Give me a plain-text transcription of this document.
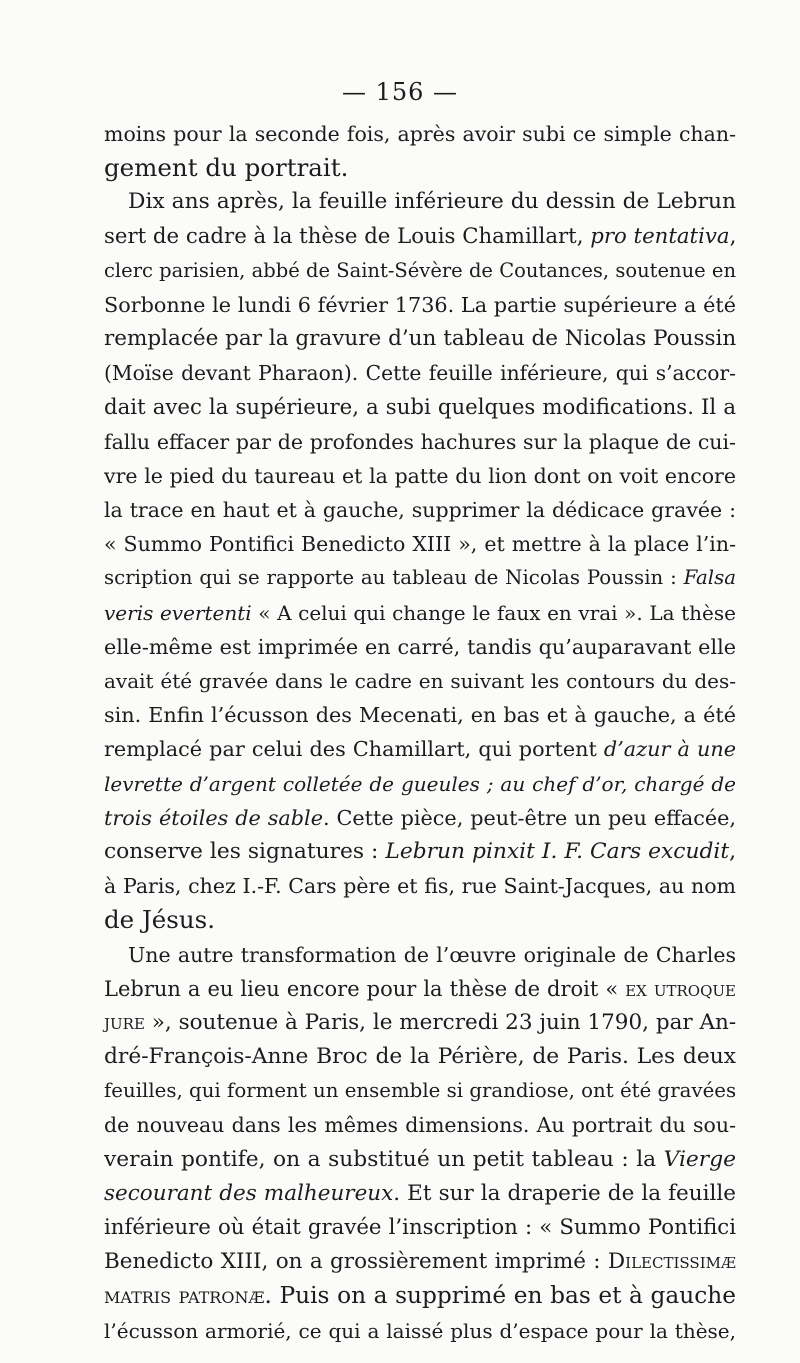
— 156 —
moins pour la seconde fois, après avoir subi ce simple chan-
gement du portrait.
Dix ans après, la feuille inférieure du dessin de Lebrun
sert de cadre à la thèse de Louis Chamillart, pro tentativa,
clerc parisien, abbé de Saint-Sévère de Coutances, soutenue en
Sorbonne le lundi 6 février 1736. La partie supérieure a été
remplacée par la gravure d’un tableau de Nicolas Poussin
(Moïse devant Pharaon). Cette feuille inférieure, qui s’accor-
dait avec la supérieure, a subi quelques modifications. Il a
fallu effacer par de profondes hachures sur la plaque de cui-
vre le pied du taureau et la patte du lion dont on voit encore
la trace en haut et à gauche, supprimer la dédicace gravée :
« Summo Pontifici Benedicto XIII », et mettre à la place l’in-
scription qui se rapporte au tableau de Nicolas Poussin : Falsa
veris evertenti « A celui qui change le faux en vrai ». La thèse
elle-même est imprimée en carré, tandis qu’auparavant elle
avait été gravée dans le cadre en suivant les contours du des-
sin. Enfin l’écusson des Mecenati, en bas et à gauche, a été
remplacé par celui des Chamillart, qui portent d’azur à une
levrette d’argent colletée de gueules ; au chef d’or, chargé de
trois étoiles de sable. Cette pièce, peut-être un peu effacée,
conserve les signatures : Lebrun pinxit I. F. Cars excudit,
à Paris, chez I.-F. Cars père et fis, rue Saint-Jacques, au nom
de Jésus.
Une autre transformation de l’œuvre originale de Charles
Lebrun a eu lieu encore pour la thèse de droit « ex utroque
jure », soutenue à Paris, le mercredi 23 juin 1790, par An-
dré-François-Anne Broc de la Périère, de Paris. Les deux
feuilles, qui forment un ensemble si grandiose, ont été gravées
de nouveau dans les mêmes dimensions. Au portrait du sou-
verain pontife, on a substitué un petit tableau : la Vierge
secourant des malheureux. Et sur la draperie de la feuille
inférieure où était gravée l’inscription : « Summo Pontifici
Benedicto XIII, on a grossièrement imprimé : Dilectissimæ
matris patronæ. Puis on a supprimé en bas et à gauche
l’écusson armorié, ce qui a laissé plus d’espace pour la thèse,
